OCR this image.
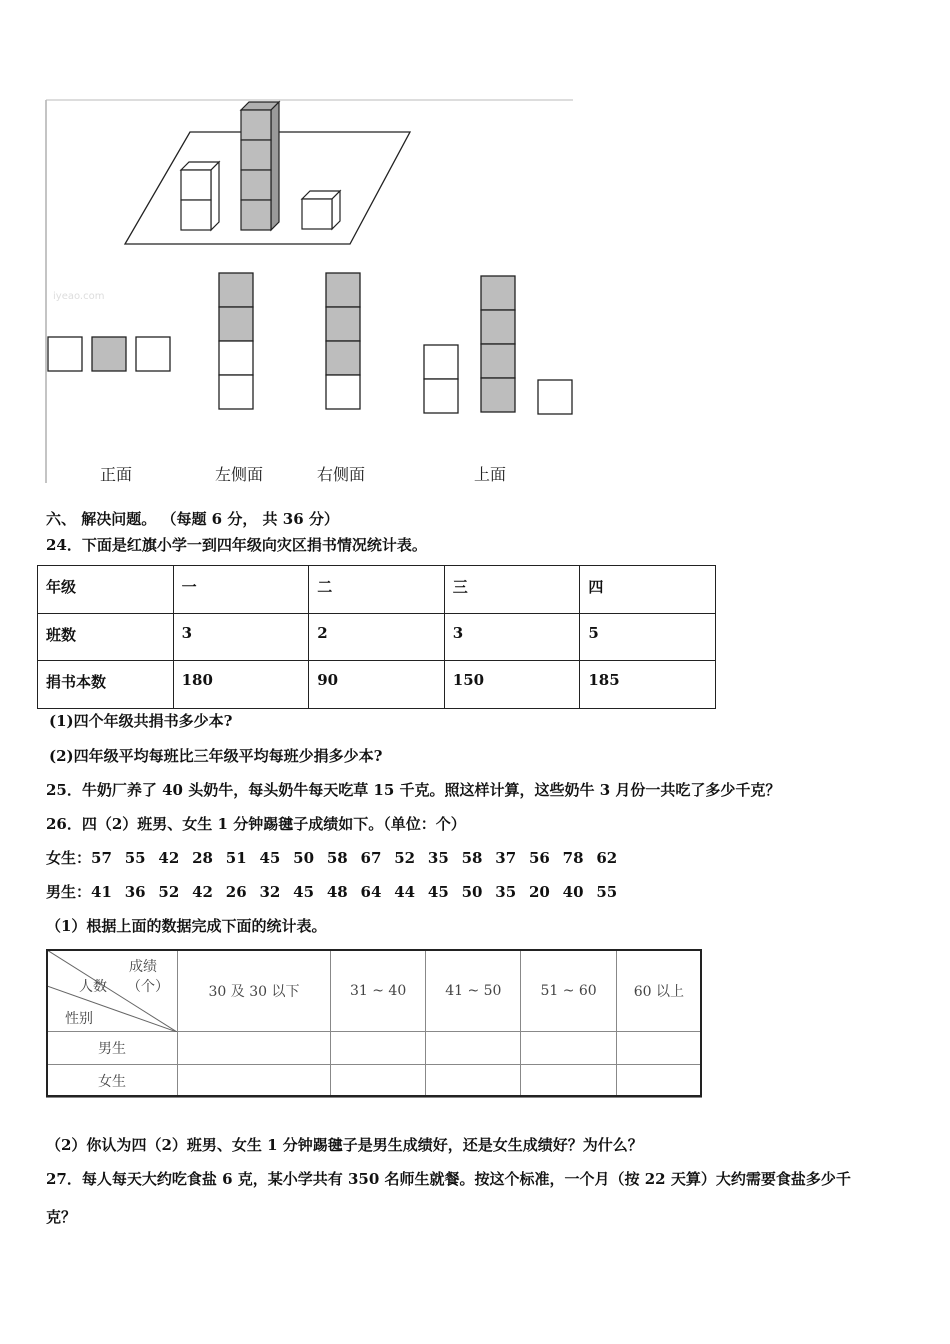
iyeao.com
正面	左侧面	右侧面	上面
六、 解决问题。 （每题 6 分， 共 36 分）
24．下面是红旗小学一到四年级向灾区捐书情况统计表。
年级	一	二	三	四
班数	3	2	3	5
捐书本数	180	90	150	185
(1)四个年级共捐书多少本?
(2)四年级平均每班比三年级平均每班少捐多少本?
25．牛奶厂养了 40 头奶牛，每头奶牛每天吃草 15 千克。照这样计算，这些奶牛 3 月份一共吃了多少千克？
26．四（2）班男、女生 1 分钟踢毽子成绩如下。（单位：个）
女生：57 55 42 28 51 45 50 58 67 52 35 58 37 56 78 62
男生：41 36 52 42 26 32 45 48 64 44 45 50 35 20 40 55
（1）根据上面的数据完成下面的统计表。
成绩
（个）
人数
性别	30 及 30 以下	31 ~ 40	41 ~ 50	51 ~ 60	60 以上
男生					
女生					
（2）你认为四（2）班男、女生 1 分钟踢毽子是男生成绩好，还是女生成绩好？为什么？
27．每人每天大约吃食盐 6 克，某小学共有 350 名师生就餐。按这个标准，一个月（按 22 天算）大约需要食盐多少千
克？
